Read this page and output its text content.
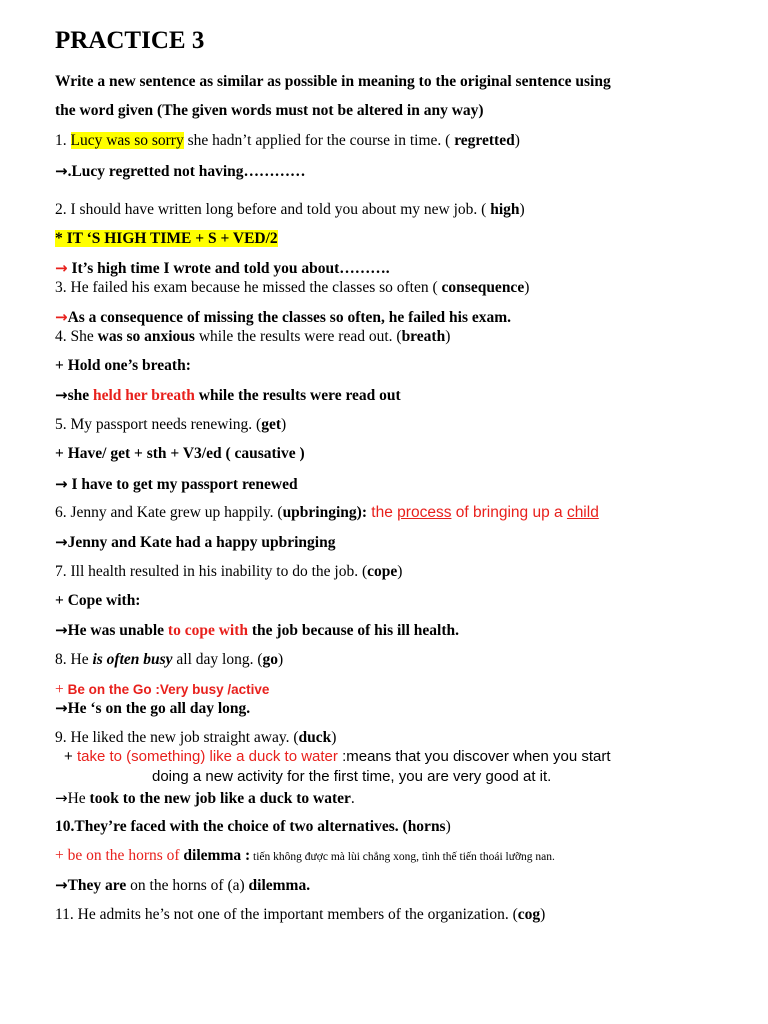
PRACTICE 3
Write a new sentence as similar as possible in meaning to the original sentence using
the word given (The given words must not be altered in any way)
1. Lucy was so sorry she hadn’t applied for the course in time. ( regretted)
→.Lucy regretted not having…………
2. I should have written long before and told you about my new job. ( high)
* IT ‘S HIGH TIME + S + VED/2
→ It’s high time I wrote and told you about……….
3. He failed his exam because he missed the classes so often ( consequence)
→As a consequence of missing the classes so often, he failed his exam.
4. She was so anxious while the results were read out. (breath)
+ Hold one’s breath:
→she held her breath while the results were read out
5. My passport needs renewing. (get)
+ Have/ get + sth + V3/ed ( causative )
→ I have to get my passport renewed
6. Jenny and Kate grew up happily. (upbringing): the process of bringing up a child
→Jenny and Kate had a happy upbringing
7. Ill health resulted in his inability to do the job. (cope)
+ Cope with:
→He was unable to cope with the job because of his ill health.
8. He is often busy all day long. (go)
+ Be on the Go :Very busy /active
→He ‘s on the go all day long.
9. He liked the new job straight away. (duck)
+ take to (something) like a duck to water :means that you discover when you start
doing a new activity for the first time, you are very good at it.
→He took to the new job like a duck to water.
10.They’re faced with the choice of two alternatives. (horns)
+ be on the horns of dilemma : tiến không được mà lùi chẳng xong, tình thế tiến thoái lưỡng nan.
→They are on the horns of (a) dilemma.
11. He admits he’s not one of the important members of the organization. (cog)
